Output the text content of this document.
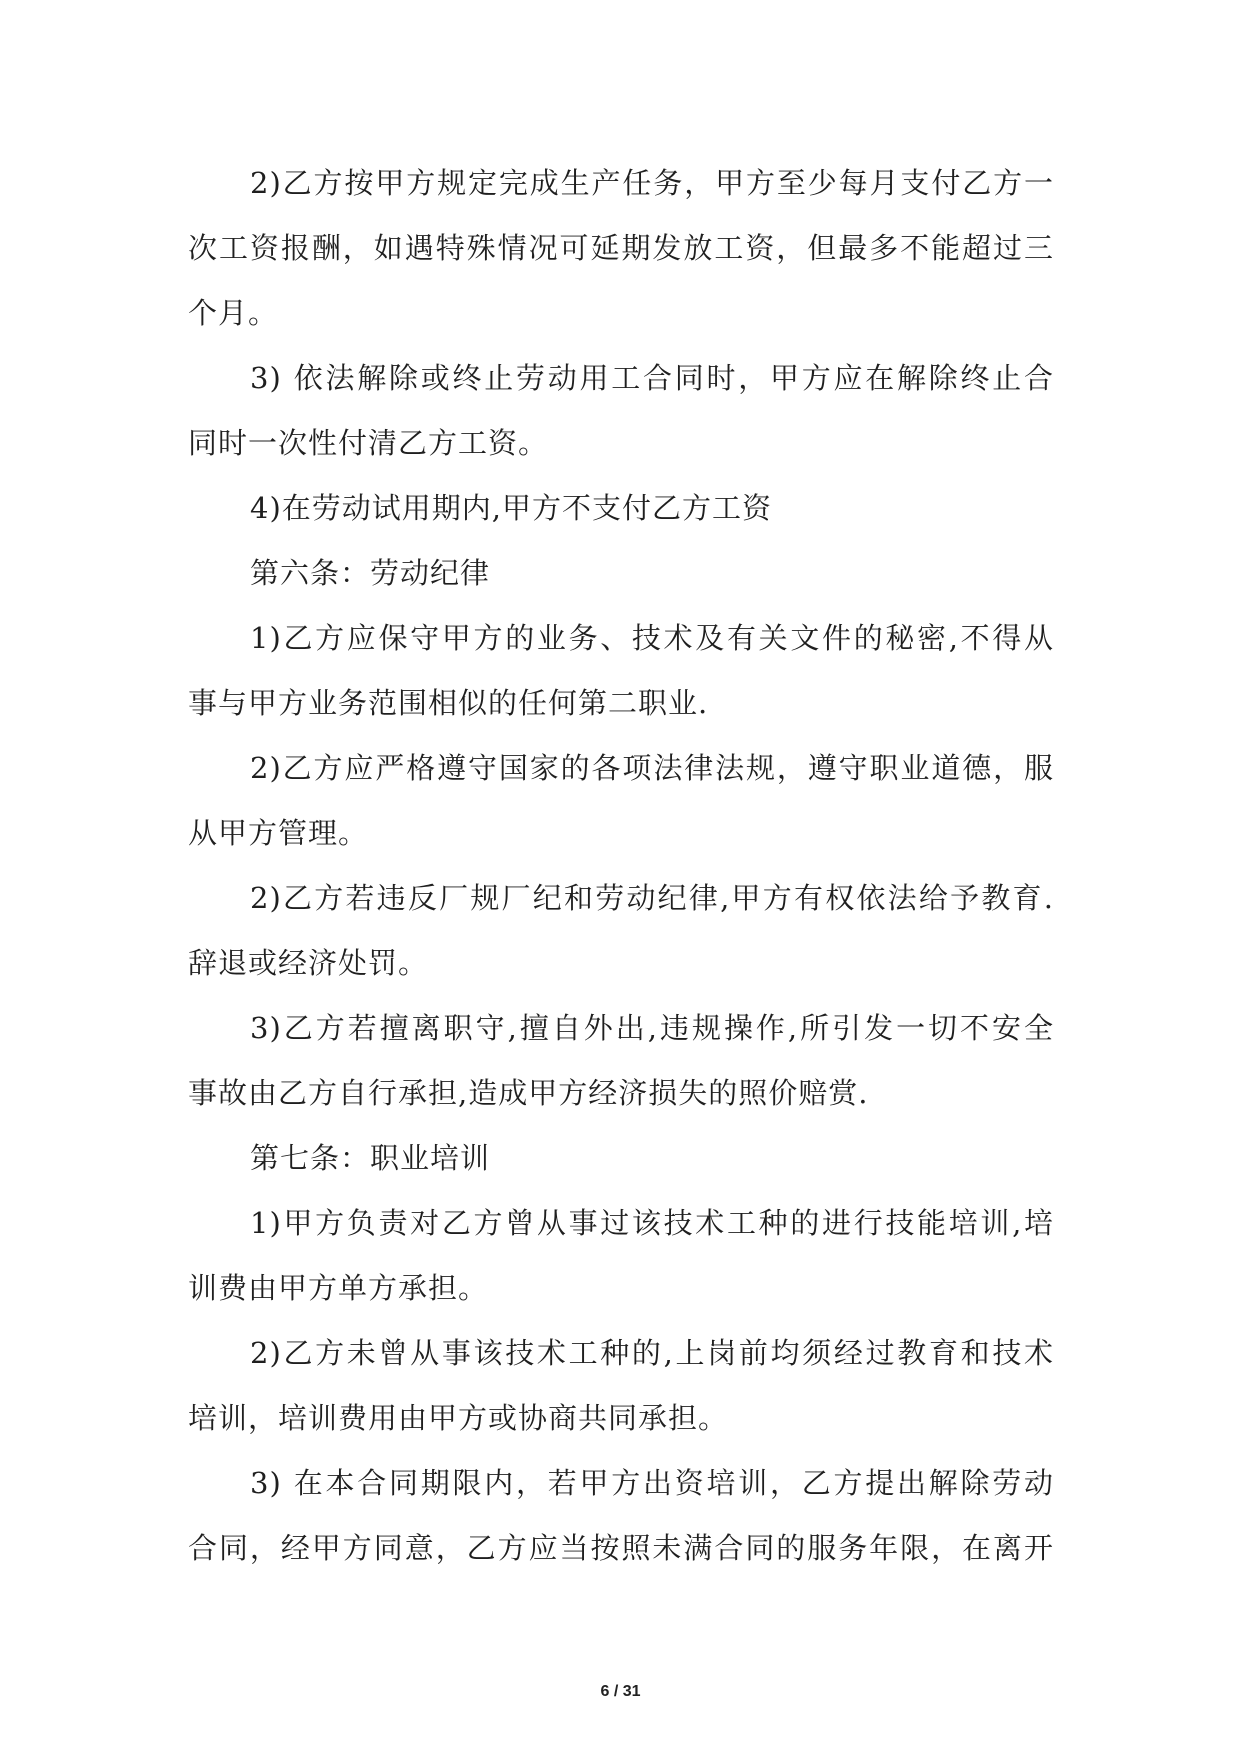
2)乙方按甲方规定完成生产任务，甲方至少每月支付乙方一
次工资报酬，如遇特殊情况可延期发放工资，但最多不能超过三
个月。
3) 依法解除或终止劳动用工合同时，甲方应在解除终止合
同时一次性付清乙方工资。
4)在劳动试用期内,甲方不支付乙方工资
第六条：劳动纪律
1)乙方应保守甲方的业务、技术及有关文件的秘密,不得从
事与甲方业务范围相似的任何第二职业.
2)乙方应严格遵守国家的各项法律法规，遵守职业道德，服
从甲方管理。
2)乙方若违反厂规厂纪和劳动纪律,甲方有权依法给予教育.
辞退或经济处罚。
3)乙方若擅离职守,擅自外出,违规操作,所引发一切不安全
事故由乙方自行承担,造成甲方经济损失的照价赔赏.
第七条：职业培训
1)甲方负责对乙方曾从事过该技术工种的进行技能培训,培
训费由甲方单方承担。
2)乙方未曾从事该技术工种的,上岗前均须经过教育和技术
培训，培训费用由甲方或协商共同承担。
3) 在本合同期限内，若甲方出资培训，乙方提出解除劳动
合同，经甲方同意，乙方应当按照未满合同的服务年限，在离开
6 / 31
